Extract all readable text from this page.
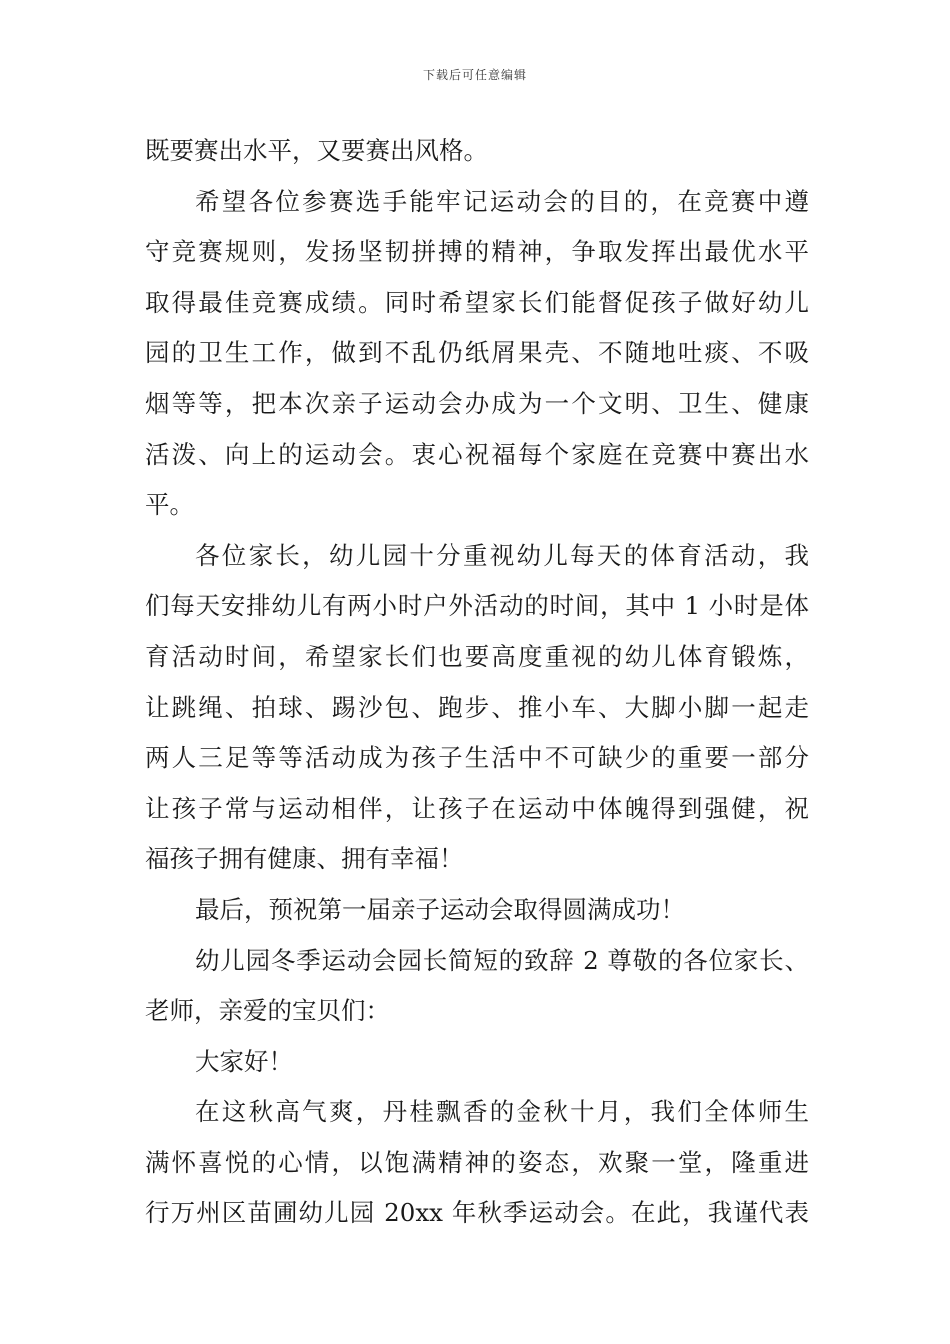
下载后可任意编辑
既要赛出水平，又要赛出风格。
希望各位参赛选手能牢记运动会的目的，在竞赛中遵
守竞赛规则，发扬坚韧拼搏的精神，争取发挥出最优水平
取得最佳竞赛成绩。同时希望家长们能督促孩子做好幼儿
园的卫生工作，做到不乱仍纸屑果壳、不随地吐痰、不吸
烟等等，把本次亲子运动会办成为一个文明、卫生、健康
活泼、向上的运动会。衷心祝福每个家庭在竞赛中赛出水
平。
各位家长，幼儿园十分重视幼儿每天的体育活动，我
们每天安排幼儿有两小时户外活动的时间，其中 1 小时是体
育活动时间，希望家长们也要高度重视的幼儿体育锻炼，
让跳绳、拍球、踢沙包、跑步、推小车、大脚小脚一起走
两人三足等等活动成为孩子生活中不可缺少的重要一部分
让孩子常与运动相伴，让孩子在运动中体魄得到强健，祝
福孩子拥有健康、拥有幸福！
最后，预祝第一届亲子运动会取得圆满成功！
幼儿园冬季运动会园长简短的致辞 2 尊敬的各位家长、
老师，亲爱的宝贝们：
大家好！
在这秋高气爽，丹桂飘香的金秋十月，我们全体师生
满怀喜悦的心情，以饱满精神的姿态，欢聚一堂，隆重进
行万州区苗圃幼儿园 20xx 年秋季运动会。在此，我谨代表
